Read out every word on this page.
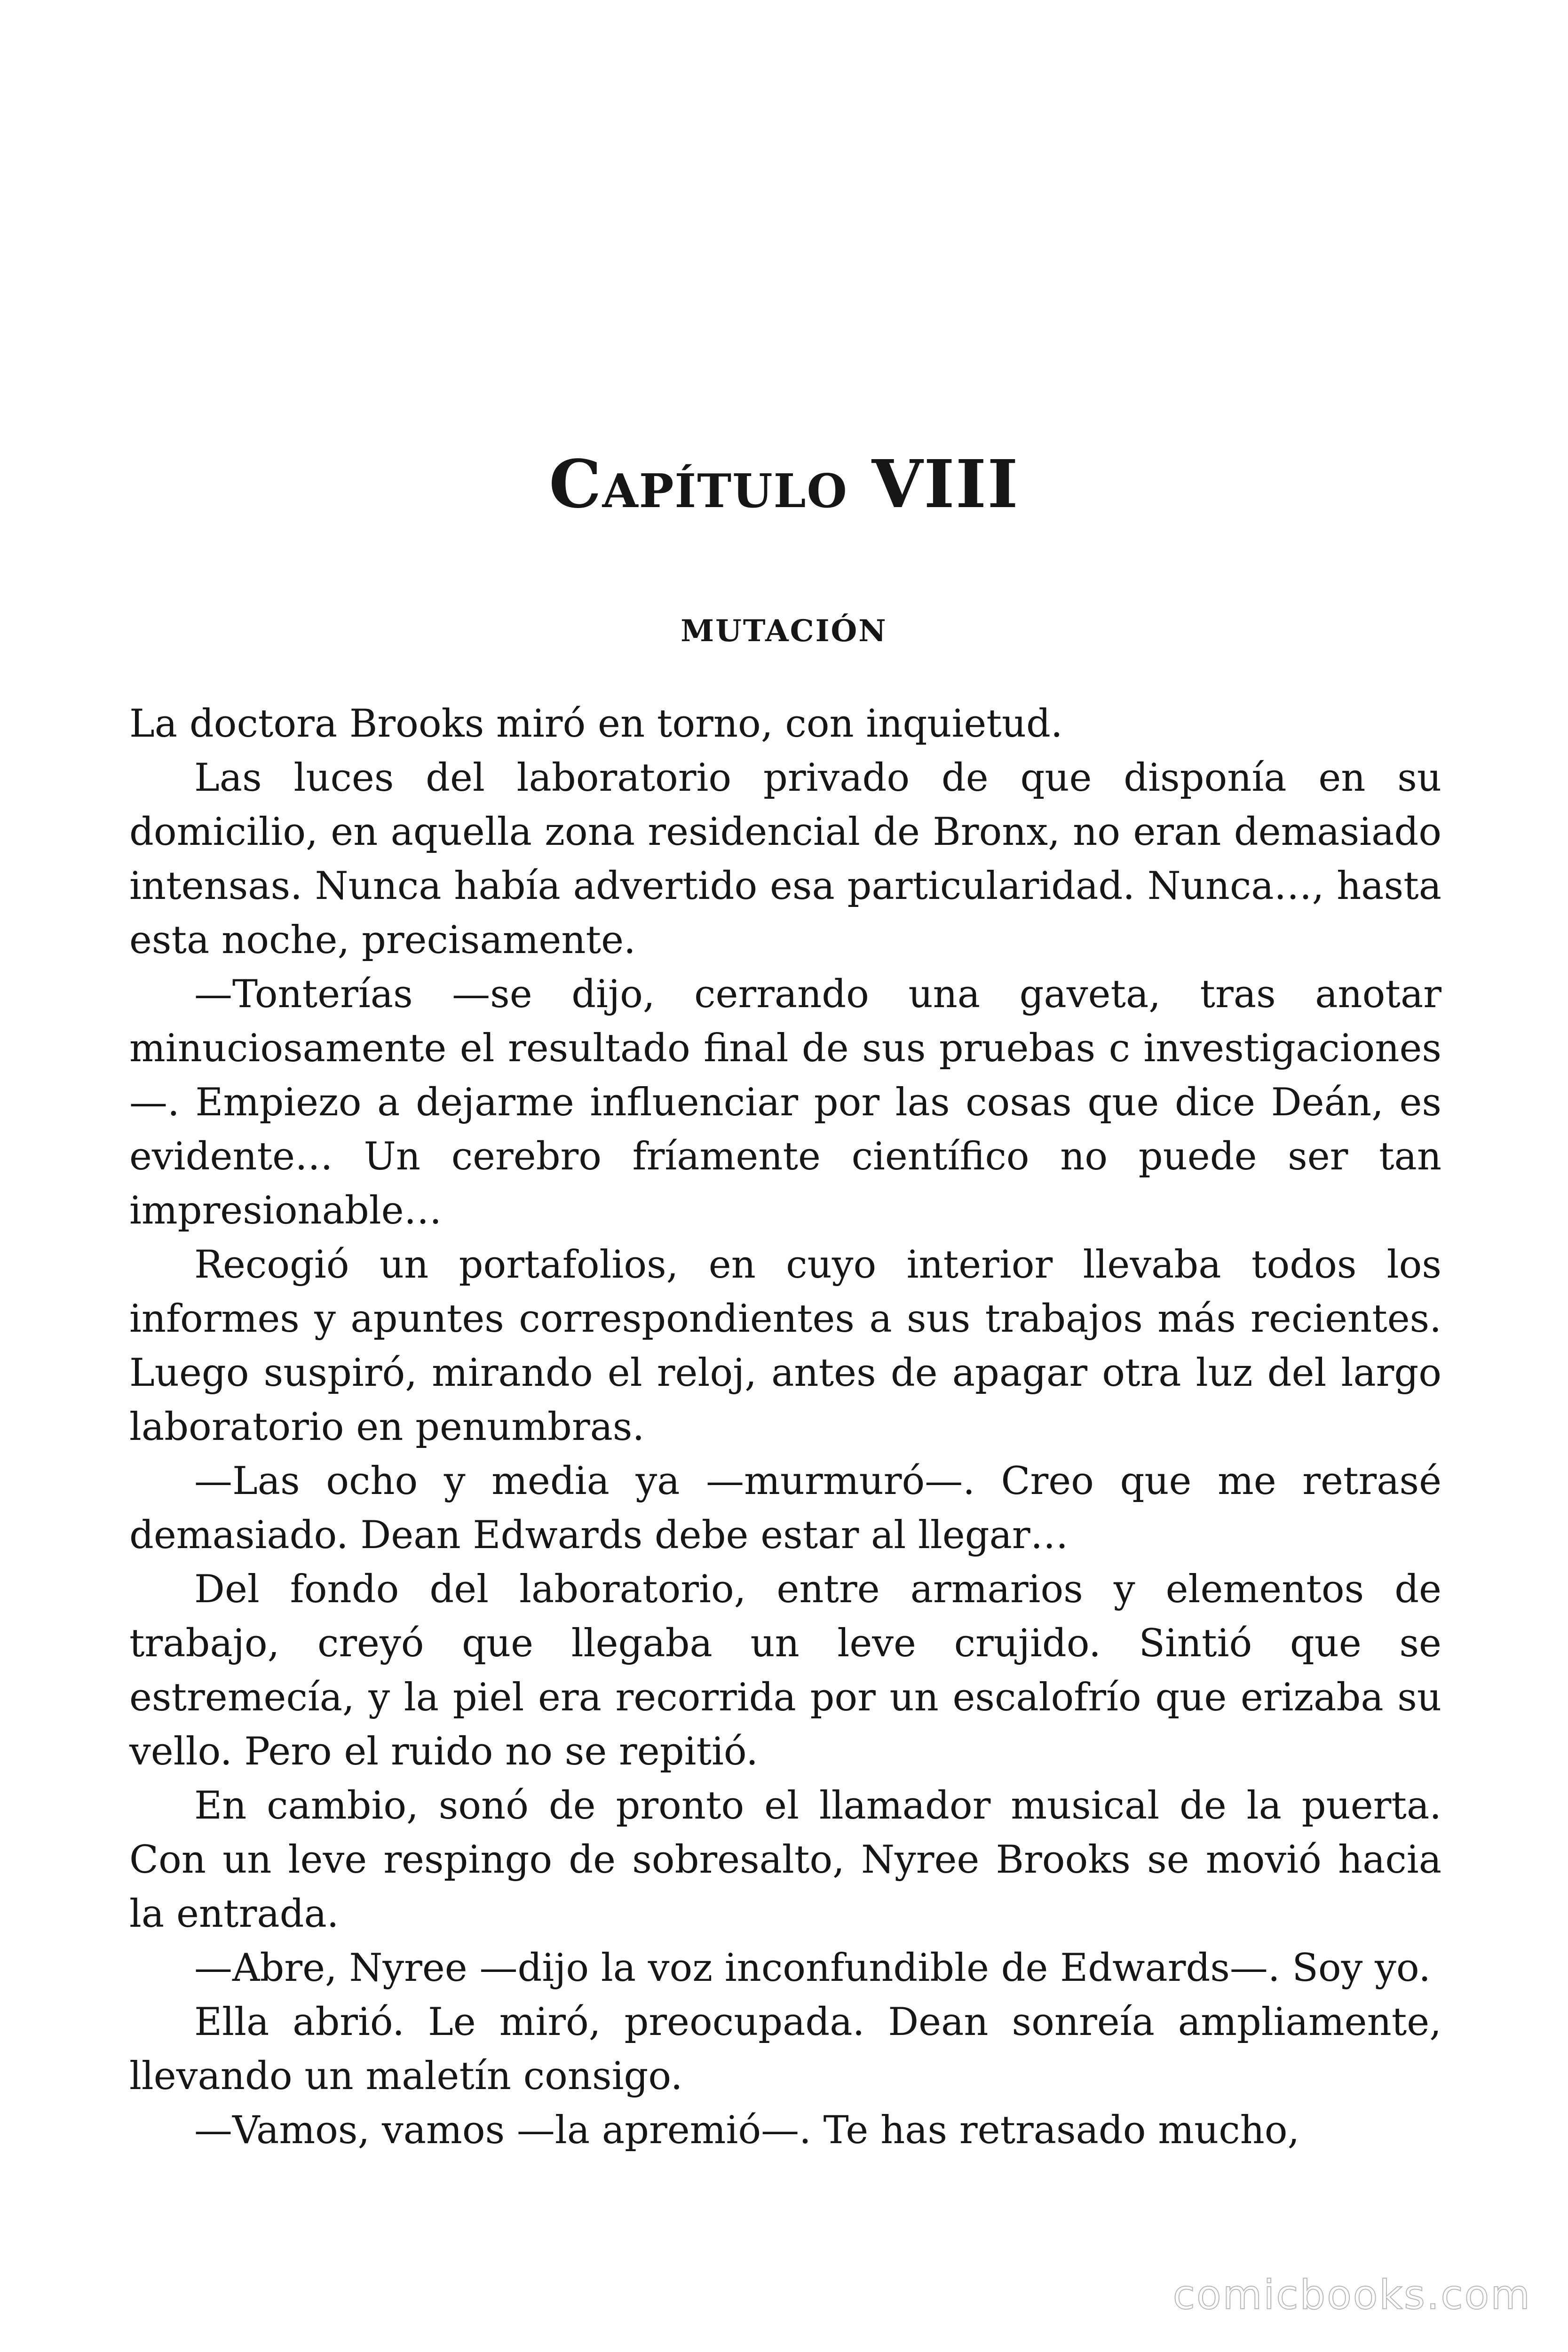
Capítulo VIII
MUTACIÓN

La doctora Brooks miró en torno, con inquietud.

Las luces del laboratorio privado de que disponía en su domicilio, en aquella zona residencial de Bronx, no eran demasiado intensas. Nunca había advertido esa particularidad. Nunca…, hasta esta noche, precisamente.

—Tonterías —se dijo, cerrando una gaveta, tras anotar minuciosamente el resultado final de sus pruebas c investigaciones —. Empiezo a dejarme influenciar por las cosas que dice Deán, es evidente… Un cerebro fríamente científico no puede ser tan impresionable…

Recogió un portafolios, en cuyo interior llevaba todos los informes y apuntes correspondientes a sus trabajos más recientes. Luego suspiró, mirando el reloj, antes de apagar otra luz del largo laboratorio en penumbras.

—Las ocho y media ya —murmuró—. Creo que me retrasé demasiado. Dean Edwards debe estar al llegar…

Del fondo del laboratorio, entre armarios y elementos de trabajo, creyó que llegaba un leve crujido. Sintió que se estremecía, y la piel era recorrida por un escalofrío que erizaba su vello. Pero el ruido no se repitió.

En cambio, sonó de pronto el llamador musical de la puerta. Con un leve respingo de sobresalto, Nyree Brooks se movió hacia la entrada.

—Abre, Nyree —dijo la voz inconfundible de Edwards—. Soy yo.

Ella abrió. Le miró, preocupada. Dean sonreía ampliamente, llevando un maletín consigo.

—Vamos, vamos —la apremió—. Te has retrasado mucho,

comicbooks.com
